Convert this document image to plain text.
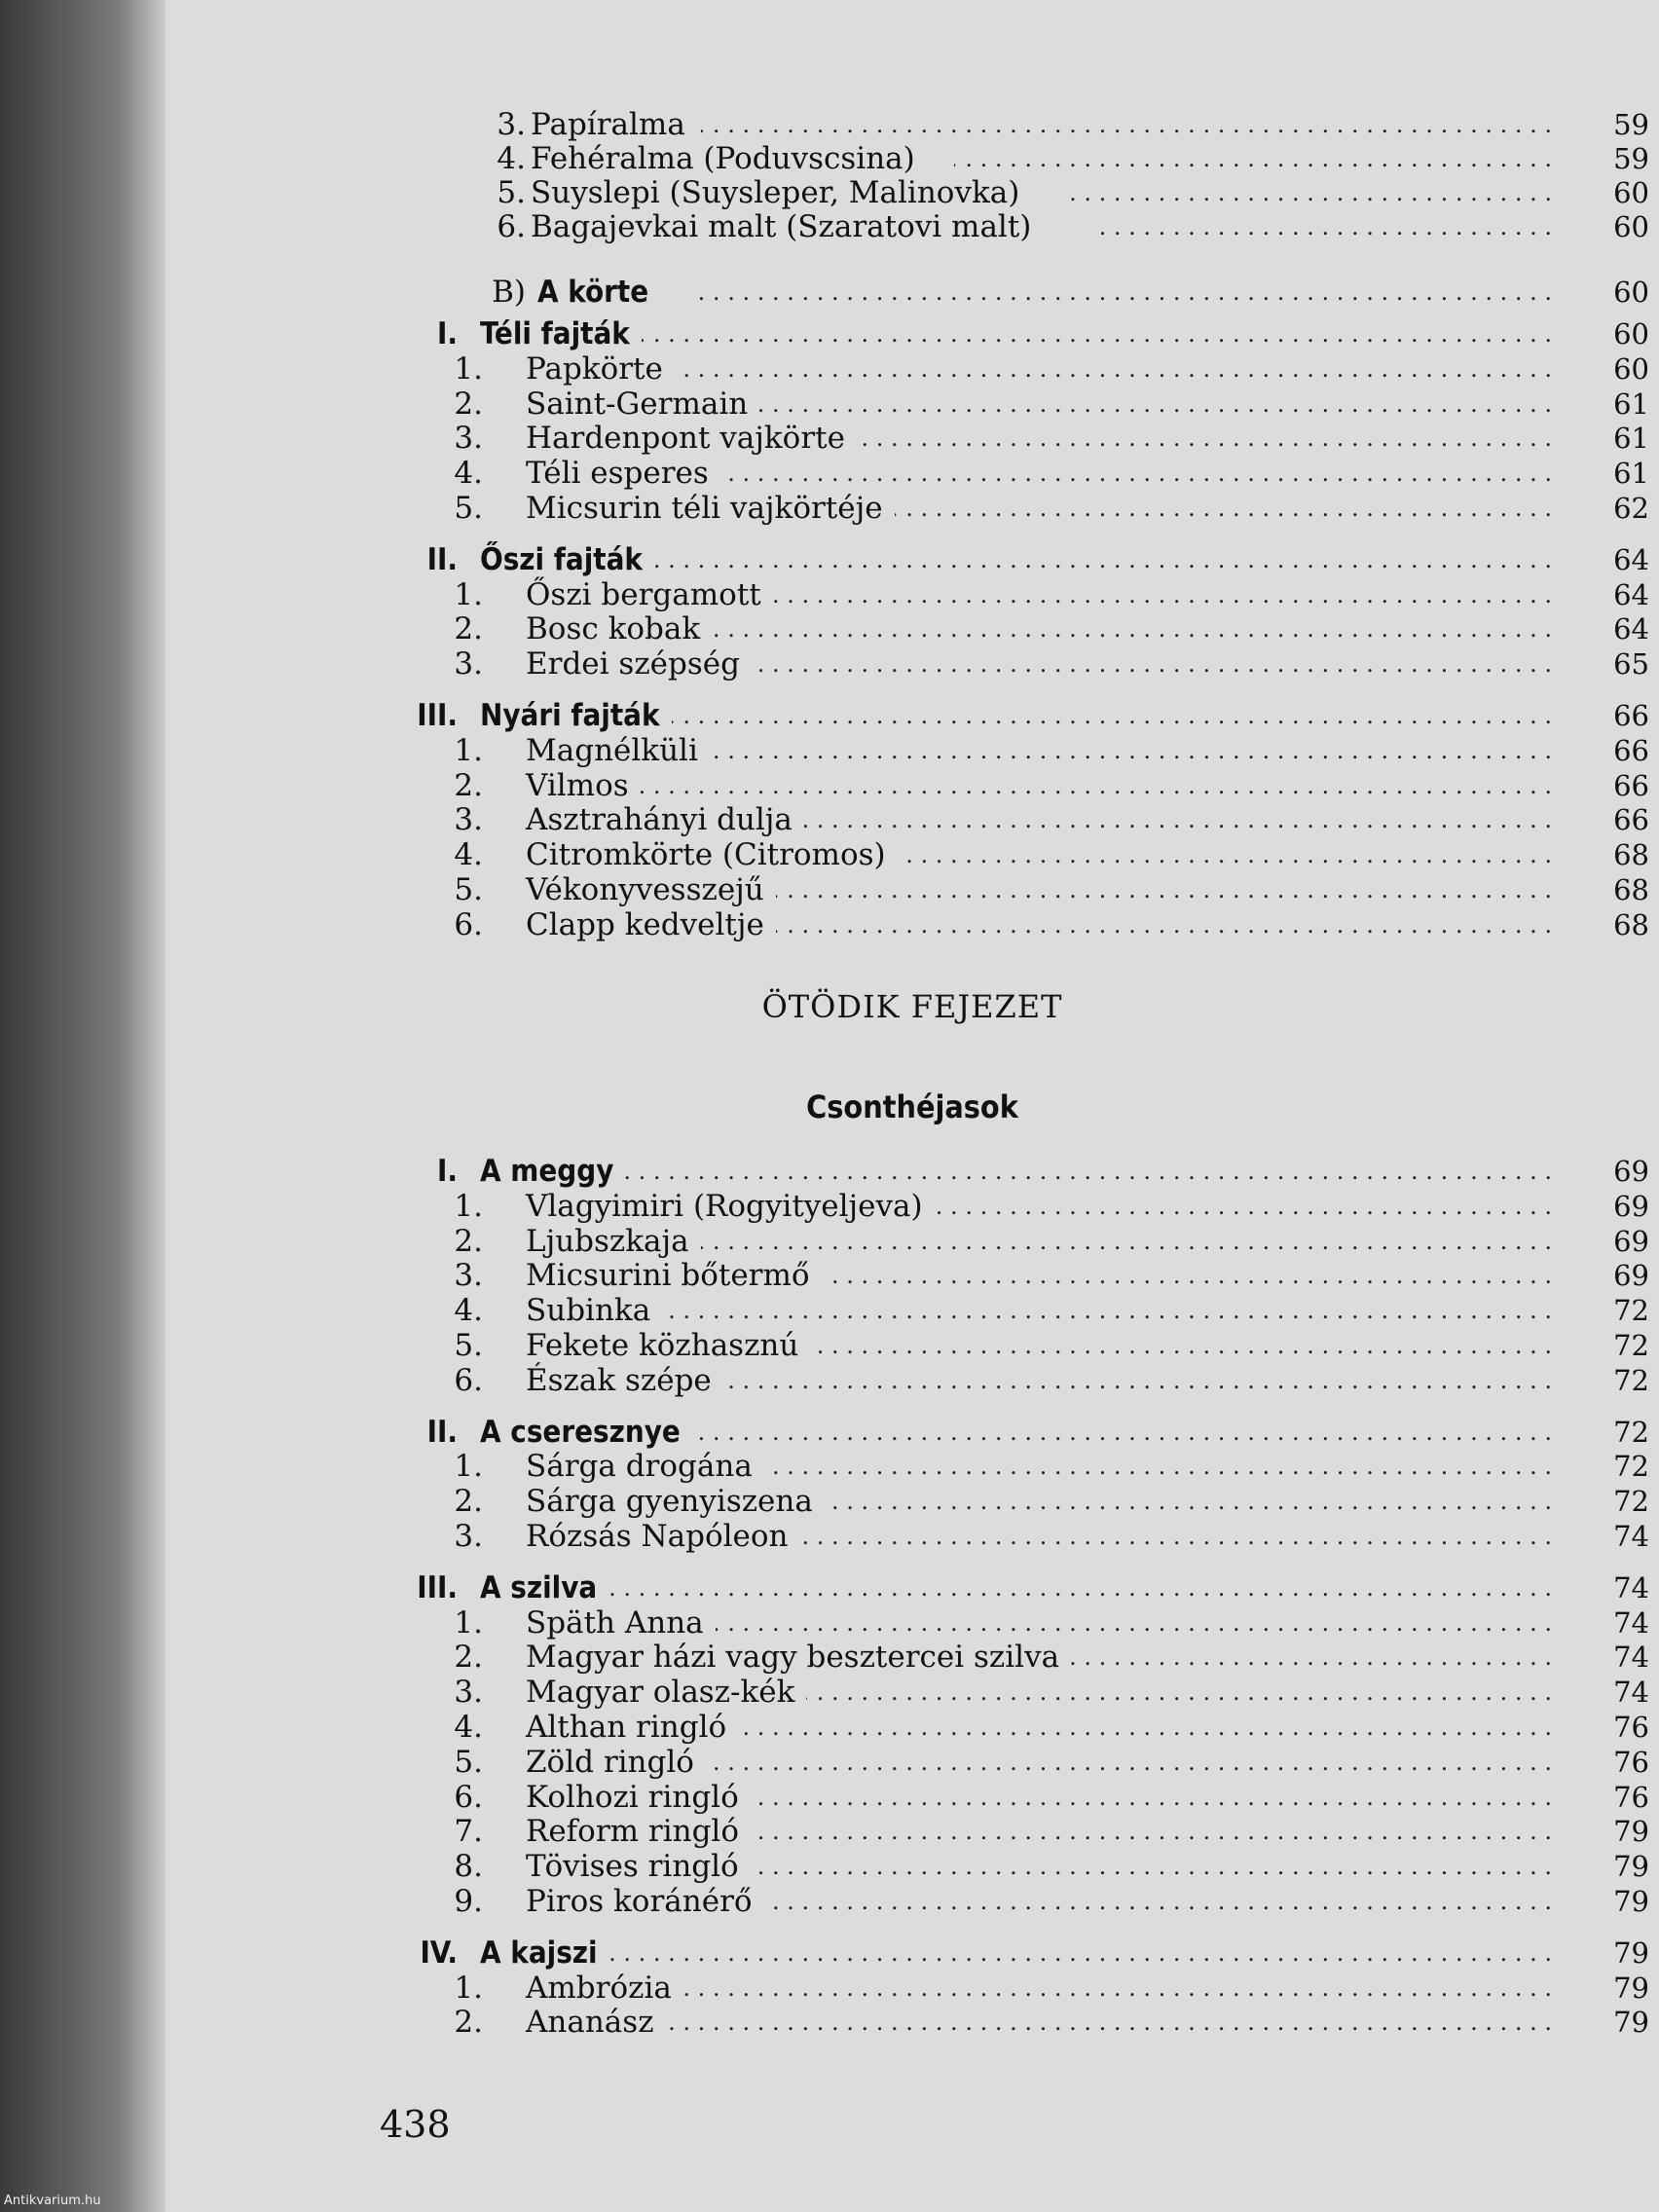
3. Papíralma . . .	59
4. Fehéralma (Poduvscsina) . . .	59
5. Suyslepi (Suysleper, Malinovka) . . .	60
6. Bagajevkai malt (Szaratovi malt) . . .	60
B) A körte . . .	60
I. Téli fajták . . .	60
1. Papkörte . . .	60
2. Saint-Germain . . .	61
3. Hardenpont vajkörte . . .	61
4. Téli esperes . . .	61
5. Micsurin téli vajkörtéje . . .	62
II. Őszi fajták . . .	64
1. Őszi bergamott . . .	64
2. Bosc kobak . . .	64
3. Erdei szépség . . .	65
III. Nyári fajták . . .	66
1. Magnélküli . . .	66
2. Vilmos . . .	66
3. Asztrahányi dulja . . .	66
4. Citromkörte (Citromos) . . .	68
5. Vékonyvesszejű . . .	68
6. Clapp kedveltje . . .	68
ÖTÖDIK FEJEZET
Csonthéjasok
I. A meggy . . .	69
1. Vlagyimiri (Rogyityeljeva) . . .	69
2. Ljubszkaja . . .	69
3. Micsurini bőtermő . . .	69
4. Subinka . . .	72
5. Fekete közhasznú . . .	72
6. Észak szépe . . .	72
II. A cseresznye . . .	72
1. Sárga drogána . . .	72
2. Sárga gyenyiszena . . .	72
3. Rózsás Napóleon . . .	74
III. A szilva . . .	74
1. Späth Anna . . .	74
2. Magyar házi vagy besztercei szilva . . .	74
3. Magyar olasz-kék . . .	74
4. Althan ringló . . .	76
5. Zöld ringló . . .	76
6. Kolhozi ringló . . .	76
7. Reform ringló . . .	79
8. Tövises ringló . . .	79
9. Piros koránérő . . .	79
IV. A kajszi . . .	79
1. Ambrózia . . .	79
2. Ananász . . .	79
438
Antikvarium.hu
